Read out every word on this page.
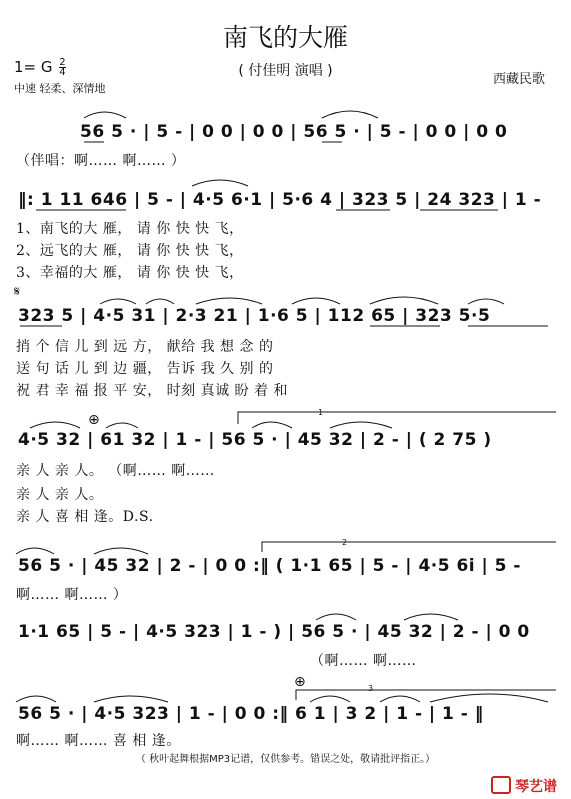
南飞的大雁
( 付佳明 演唱 )
1= G $\frac{2}{4}$
中速 轻柔、深情地
西藏民歌
56 5 · | 5 - | 0 0 | 0 0 | 56 5 · | 5 - | 0 0 | 0 0
（伴唱：啊…… 啊…… ）
‖: 1 11 646 | 5 - | 4·5 6·1 | 5·6 4 | 323 5 | 24 323 | 1 -
1、南飞的大 雁， 请 你 快 快 飞，
2、远飞的大 雁， 请 你 快 快 飞，
3、幸福的大 雁， 请 你 快 快 飞，
𝄋
323 5 | 4·5 31 | 2·3 21 | 1·6 5 | 112 65 | 323 5·5
捎 个 信 儿 到 远 方， 献给 我 想 念 的
送 句 话 儿 到 边 疆， 告诉 我 久 别 的
祝 君 幸 福 报 平 安， 时刻 真诚 盼 着 和
⊕	1
4·5 32 | 61 32 | 1 - | 56 5 · | 45 32 | 2 - | ( 2 75 )
亲 人 亲 人。 （啊…… 啊……
亲 人 亲 人。
亲 人 喜 相 逢。D.S.
2
56 5 · | 45 32 | 2 - | 0 0 :‖ ( 1·1 65 | 5 - | 4·5 6i | 5 -
啊…… 啊…… ）
1·1 65 | 5 - | 4·5 323 | 1 - ) | 56 5 · | 45 32 | 2 - | 0 0
（啊…… 啊……
⊕	3
56 5 · | 4·5 323 | 1 - | 0 0 :‖ 6 1 | 3 2 | 1 - | 1 - ‖
啊…… 啊…… 喜 相 逢。
（ 秋叶起舞根据MP3记谱，仅供参考。错误之处，敬请批评指正。）
琴艺谱
